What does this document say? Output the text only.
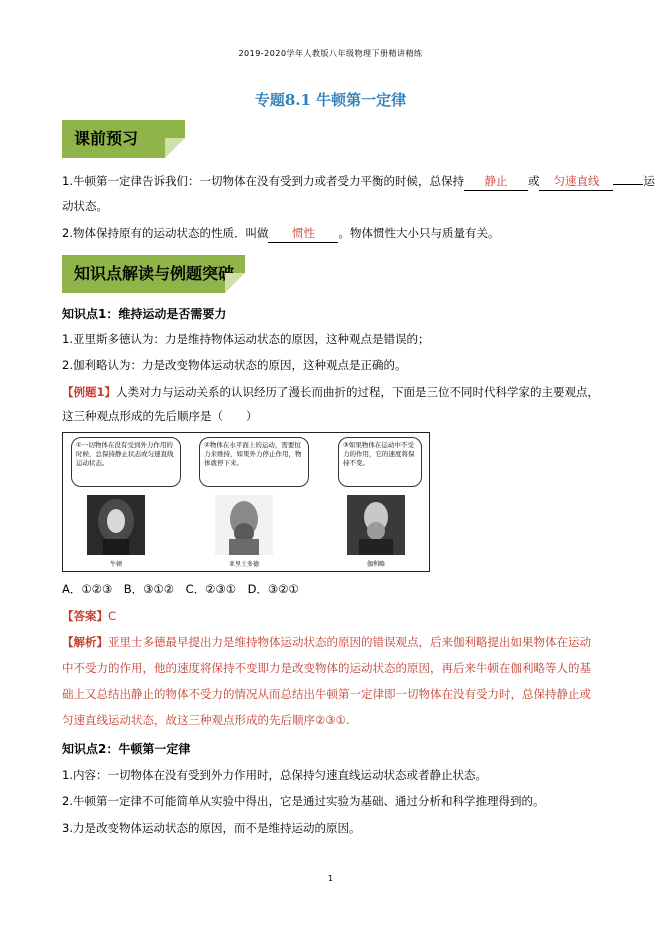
2019-2020学年人教版八年级物理下册精讲精练
专题8.1 牛顿第一定律
课前预习
1.牛顿第一定律告诉我们：一切物体在没有受到力或者受力平衡的时候，总保持 静止 或 匀速直线	运
动状态。
2.物体保持原有的运动状态的性质．叫做 惯性 。物体惯性大小只与质量有关。
知识点解读与例题突破
知识点1：维持运动是否需要力
1.亚里斯多德认为：力是维持物体运动状态的原因，这种观点是错误的；
2.伽利略认为：力是改变物体运动状态的原因，这种观点是正确的。
【例题1】人类对力与运动关系的认识经历了漫长而曲折的过程，下面是三位不同时代科学家的主要观点，
这三种观点形成的先后顺序是（　　）
①一切物体在没有受到外力作用的时候，总保持静止状态或匀速直线运动状态。
②物体在水平面上的运动，需要恒力来维持，如果外力停止作用，物体就停下来。
③如果物体在运动中不受力的作用，它的速度将保持不变。
牛顿	亚里士多德	伽利略
A．①②③　B．③①②　C．②③①　D．③②①
【答案】C
【解析】亚里士多德最早提出力是维持物体运动状态的原因的错误观点，后来伽利略提出如果物体在运动
中不受力的作用，他的速度将保持不变即力是改变物体的运动状态的原因，再后来牛顿在伽利略等人的基
础上又总结出静止的物体不受力的情况从而总结出牛顿第一定律即一切物体在没有受力时，总保持静止或
匀速直线运动状态，故这三种观点形成的先后顺序②③①.
知识点2：牛顿第一定律
1.内容：一切物体在没有受到外力作用时，总保持匀速直线运动状态或者静止状态。
2.牛顿第一定律不可能简单从实验中得出，它是通过实验为基础、通过分析和科学推理得到的。
3.力是改变物体运动状态的原因，而不是维持运动的原因。
1
